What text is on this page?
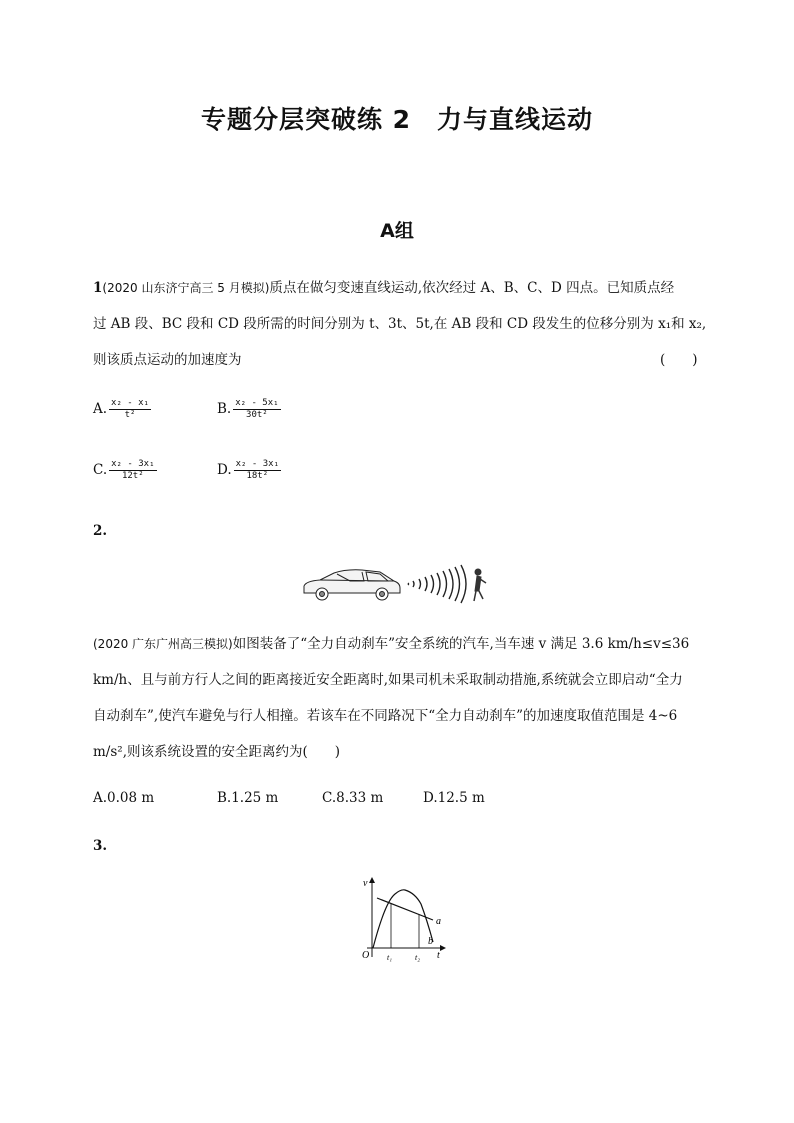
专题分层突破练 2　力与直线运动
A组
1(2020 山东济宁高三 5 月模拟)质点在做匀变速直线运动,依次经过 A、B、C、D 四点。已知质点经
过 AB 段、BC 段和 CD 段所需的时间分别为 t、3t、5t,在 AB 段和 CD 段发生的位移分别为 x₁和 x₂,
则该质点运动的加速度为	(　　)
A. $\frac{\text{x₂ - x₁}}{\text{t²}}$	B. $\frac{\text{x₂ - 5x₁}}{\text{30t²}}$
C. $\frac{\text{x₂ - 3x₁}}{\text{12t²}}$	D. $\frac{\text{x₂ - 3x₁}}{\text{18t²}}$
2.
(2020 广东广州高三模拟)如图装备了“全力自动刹车”安全系统的汽车,当车速 v 满足 3.6 km/h≤v≤36
km/h、且与前方行人之间的距离接近安全距离时,如果司机未采取制动措施,系统就会立即启动“全力
自动刹车”,使汽车避免与行人相撞。若该车在不同路况下“全力自动刹车”的加速度取值范围是 4~6
m/s²,则该系统设置的安全距离约为(　　)
A.0.08 m	B.1.25 m	C.8.33 m	D.12.5 m
3.
v
t
O t₁	t₂
a
b
